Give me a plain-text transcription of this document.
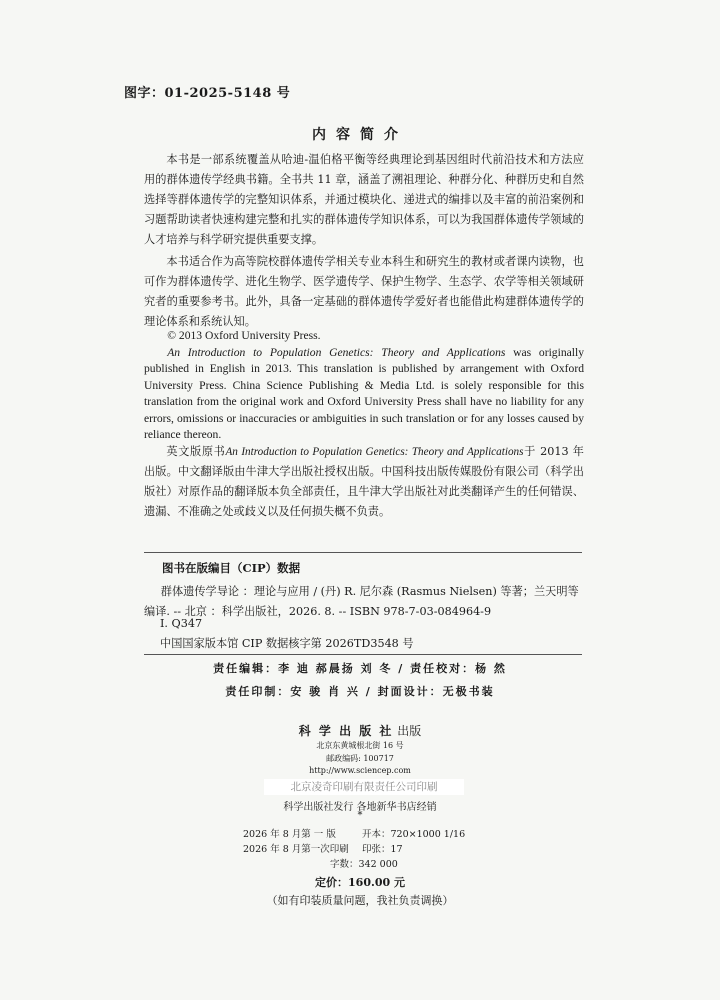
图字：01-2025-5148 号
内容简介
本书是一部系统覆盖从哈迪-温伯格平衡等经典理论到基因组时代前沿技术和方法应用的群体遗传学经典书籍。全书共 11 章，涵盖了溯祖理论、种群分化、种群历史和自然选择等群体遗传学的完整知识体系，并通过模块化、递进式的编排以及丰富的前沿案例和习题帮助读者快速构建完整和扎实的群体遗传学知识体系，可以为我国群体遗传学领域的人才培养与科学研究提供重要支撑。
本书适合作为高等院校群体遗传学相关专业本科生和研究生的教材或者课内读物，也可作为群体遗传学、进化生物学、医学遗传学、保护生物学、生态学、农学等相关领域研究者的重要参考书。此外，具备一定基础的群体遗传学爱好者也能借此构建群体遗传学的理论体系和系统认知。

© 2013 Oxford University Press.

An Introduction to Population Genetics: Theory and Applications was originally published in English in 2013. This translation is published by arrangement with Oxford University Press. China Science Publishing & Media Ltd. is solely responsible for this translation from the original work and Oxford University Press shall have no liability for any errors, omissions or inaccuracies or ambiguities in such translation or for any losses caused by reliance thereon.

英文版原书An Introduction to Population Genetics: Theory and Applications于 2013 年出版。中文翻译版由牛津大学出版社授权出版。中国科技出版传媒股份有限公司（科学出版社）对原作品的翻译版本负全部责任，且牛津大学出版社对此类翻译产生的任何错误、遗漏、不准确之处或歧义以及任何损失概不负责。
图书在版编目（CIP）数据
群体遗传学导论 ：理论与应用 / (丹) R. 尼尔森 (Rasmus Nielsen) 等著；兰天明等编译. -- 北京 ：科学出版社，2026. 8. -- ISBN 978-7-03-084964-9
Ⅰ. Q347
中国国家版本馆 CIP 数据核字第 2026TD3548 号
责任编辑：李 迪 郝晨扬 刘 冬 / 责任校对：杨 然
责任印制：安 骏 肖 兴 / 封面设计：无极书装
科 学 出 版 社 出版
北京东黄城根北街 16 号
邮政编码: 100717
http://www.sciencep.com
北京凌奇印刷有限责任公司印刷
科学出版社发行 各地新华书店经销
*
2026 年 8 月第 一 版	开本：720×1000 1/16
2026 年 8 月第一次印刷 印张：17
字数：342 000
定价：160.00 元
（如有印装质量问题，我社负责调换）
